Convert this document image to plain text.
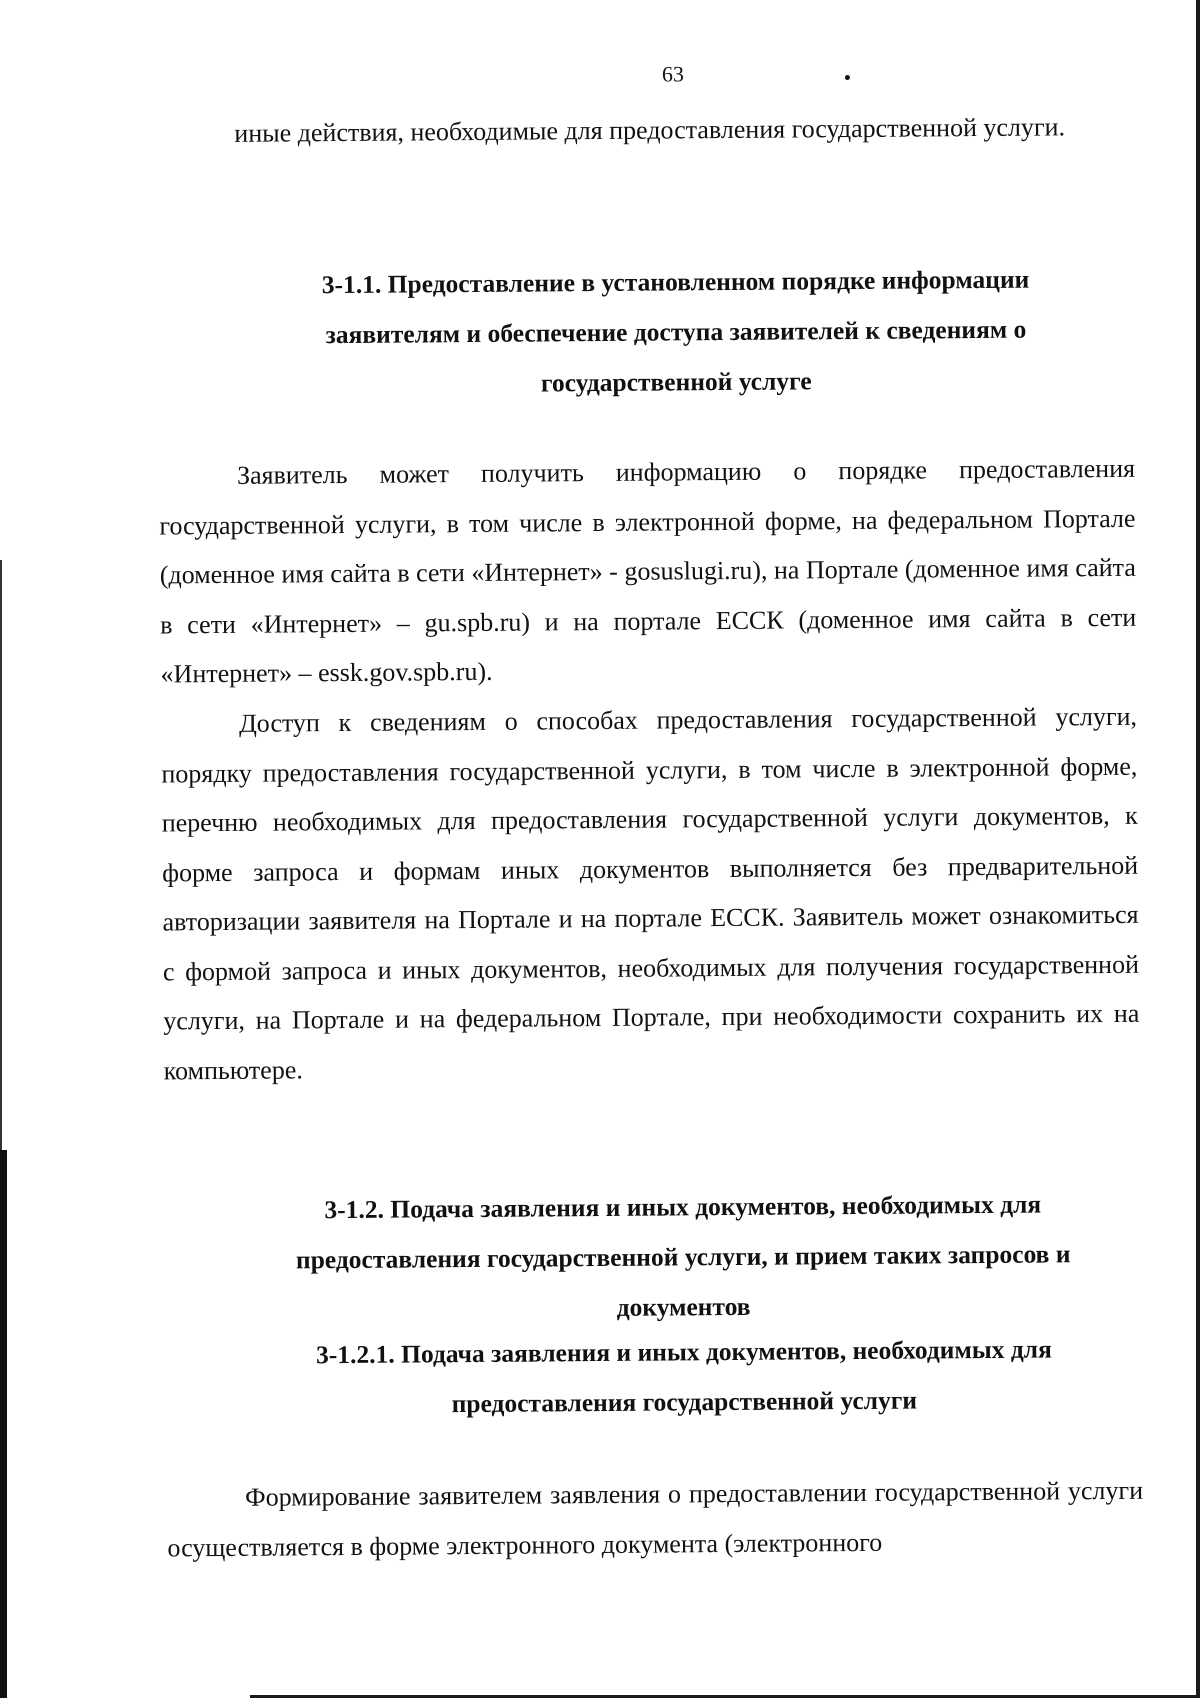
63

иные действия, необходимые для предоставления государственной услуги.

3-1.1. Предоставление в установленном порядке информации заявителям и обеспечение доступа заявителей к сведениям о государственной услуге

Заявитель может получить информацию о порядке предоставления государственной услуги, в том числе в электронной форме, на федеральном Портале (доменное имя сайта в сети «Интернет» - gosuslugi.ru), на Портале (доменное имя сайта в сети «Интернет» – gu.spb.ru) и на портале ЕССК (доменное имя сайта в сети «Интернет» – essk.gov.spb.ru).

Доступ к сведениям о способах предоставления государственной услуги, порядку предоставления государственной услуги, в том числе в электронной форме, перечню необходимых для предоставления государственной услуги документов, к форме запроса и формам иных документов выполняется без предварительной авторизации заявителя на Портале и на портале ЕССК. Заявитель может ознакомиться с формой запроса и иных документов, необходимых для получения государственной услуги, на Портале и на федеральном Портале, при необходимости сохранить их на компьютере.

3-1.2. Подача заявления и иных документов, необходимых для предоставления государственной услуги, и прием таких запросов и документов
3-1.2.1. Подача заявления и иных документов, необходимых для предоставления государственной услуги

Формирование заявителем заявления о предоставлении государственной услуги осуществляется в форме электронного документа (электронного
